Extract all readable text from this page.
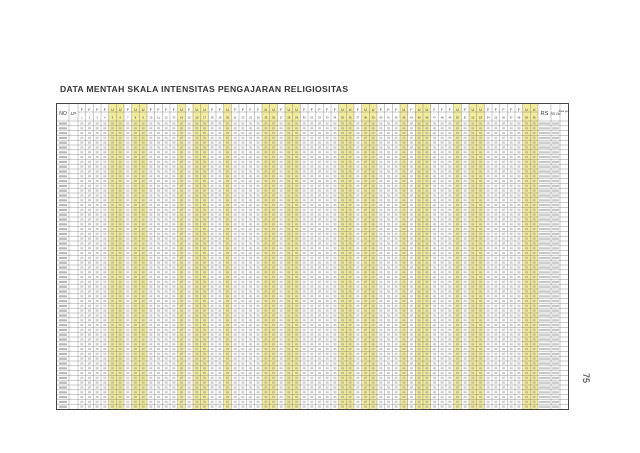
DATA MENTAH SKALA INTENSITAS PENGAJARAN RELIGIOSITAS
NO LP
F
1
F
2
F
3
F
4
U
5
U
6
F
7
U
8
U
9
F
10
F
11
F
12
F
13
U
14
F
15
U
16
U
17
F
18
F
19
U
20
F
21
F
22
F
23
F
24
U
25
U
26
F
27
U
28
U
29
F
30
F
31
F
32
F
33
F
34
U
35
U
36
F
37
U
38
U
39
F
40
F
41
F
42
U
43
F
44
U
45
U
46
F
47
F
48
F
49
U
50
F
51
U
52
U
53
F
54
F
55
F
56
F
57
F
58
U
59
U
60
RS RS Vid
Kate gori
75
